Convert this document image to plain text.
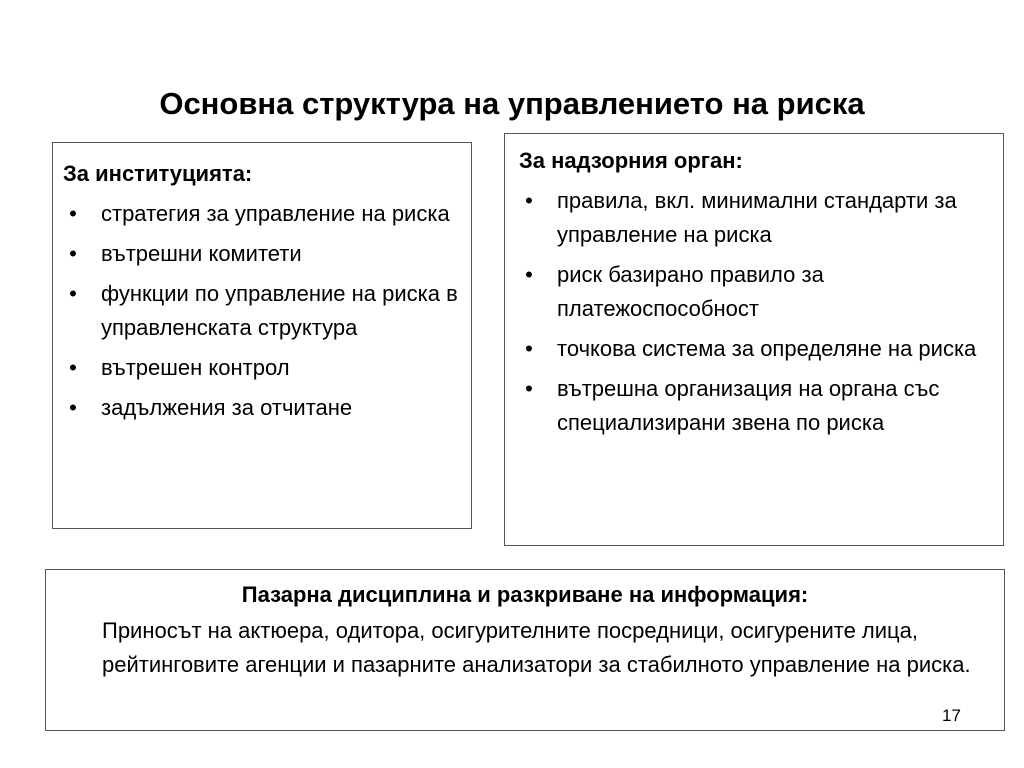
Основна структура на управлението на риска
За институцията:
• стратегия за управление на риска
• вътрешни комитети
• функции по управление на риска в управленската структура
• вътрешен контрол
• задължения за отчитане
За надзорния орган:
• правила, вкл. минимални стандарти за управление на риска
• риск базирано правило за платежоспособност
• точкова система за определяне на риска
• вътрешна организация на органа със специализирани звена по риска
Пазарна дисциплина и разкриване на информация:
Приносът на актюера, одитора, осигурителните посредници, осигурените лица, рейтинговите агенции и пазарните анализатори за стабилното управление на риска.
17
